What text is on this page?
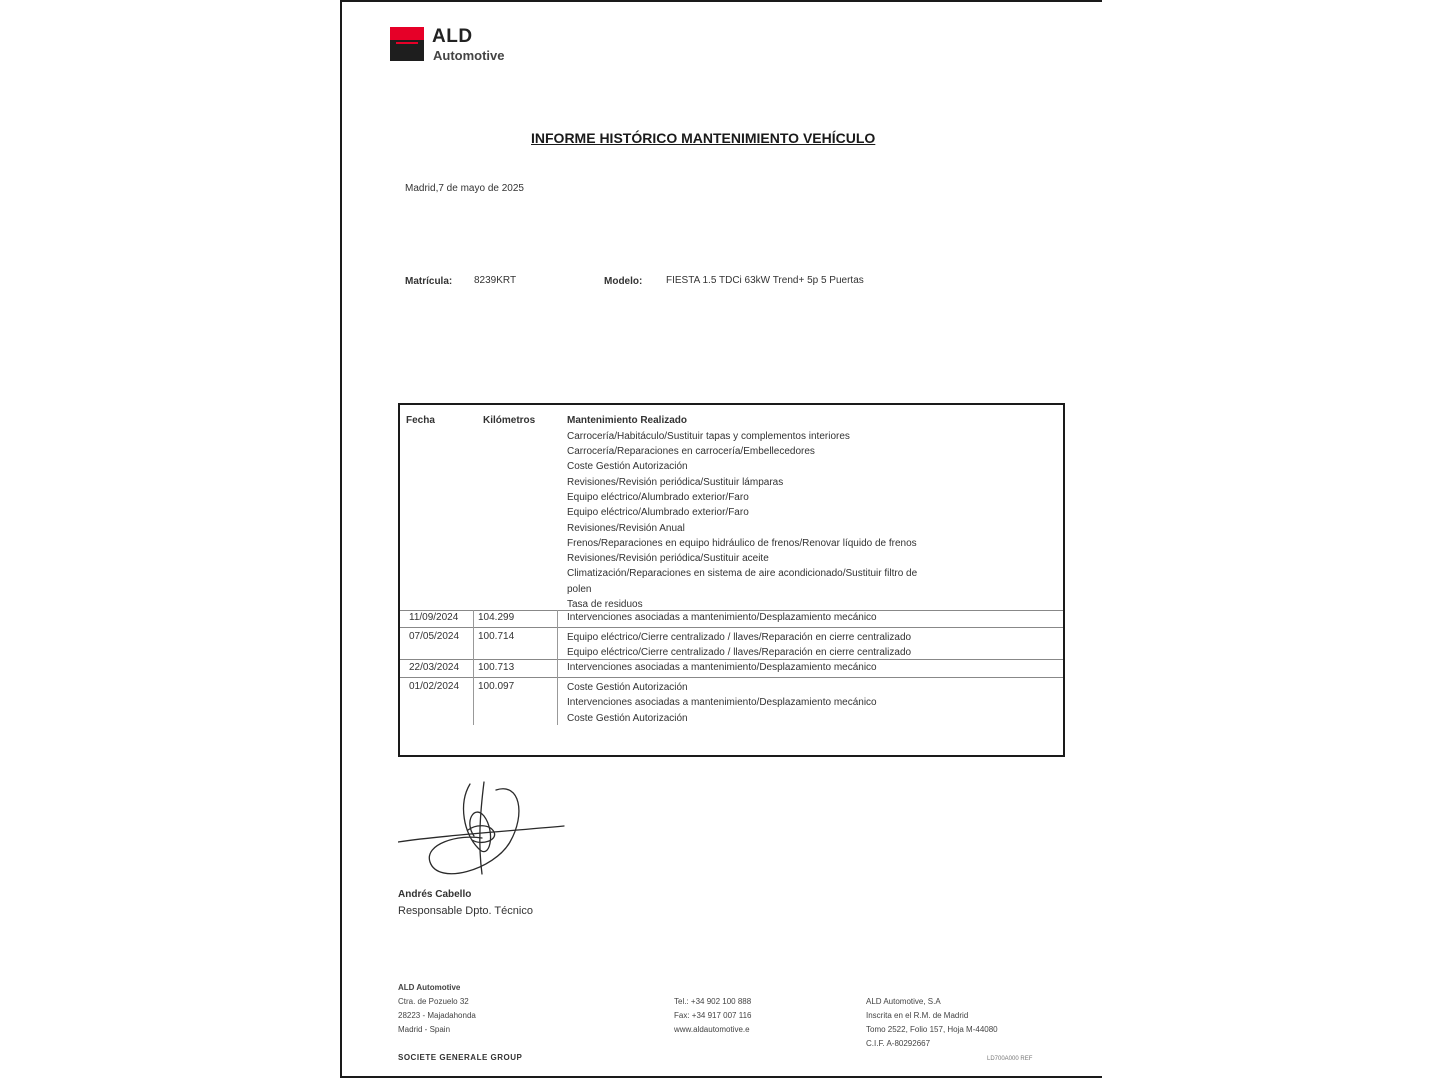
ALD
Automotive
INFORME HISTÓRICO MANTENIMIENTO VEHÍCULO
Madrid,7 de mayo de 2025
Matrícula: 8239KRT	Modelo: FIESTA 1.5 TDCi 63kW Trend+ 5p 5 Puertas
Fecha	Kilómetros	Mantenimiento Realizado
Carrocería/Habitáculo/Sustituir tapas y complementos interiores
Carrocería/Reparaciones en carrocería/Embellecedores
Coste Gestión Autorización
Revisiones/Revisión periódica/Sustituir lámparas
Equipo eléctrico/Alumbrado exterior/Faro
Equipo eléctrico/Alumbrado exterior/Faro
Revisiones/Revisión Anual
Frenos/Reparaciones en equipo hidráulico de frenos/Renovar líquido de frenos
Revisiones/Revisión periódica/Sustituir aceite
Climatización/Reparaciones en sistema de aire acondicionado/Sustituir filtro de
polen
Tasa de residuos
11/09/2024 104.299	Intervenciones asociadas a mantenimiento/Desplazamiento mecánico
07/05/2024 100.714	Equipo eléctrico/Cierre centralizado / llaves/Reparación en cierre centralizado
Equipo eléctrico/Cierre centralizado / llaves/Reparación en cierre centralizado
22/03/2024 100.713	Intervenciones asociadas a mantenimiento/Desplazamiento mecánico
01/02/2024 100.097	Coste Gestión Autorización
Intervenciones asociadas a mantenimiento/Desplazamiento mecánico
Coste Gestión Autorización
Andrés Cabello
Responsable Dpto. Técnico
ALD Automotive
Ctra. de Pozuelo 32
28223 - Majadahonda
Madrid - Spain
Tel.: +34 902 100 888
Fax: +34 917 007 116
www.aldautomotive.e
ALD Automotive, S.A
Inscrita en el R.M. de Madrid
Tomo 2522, Folio 157, Hoja M-44080
C.I.F. A-80292667
SOCIETE GENERALE GROUP	LD700A000 REF
